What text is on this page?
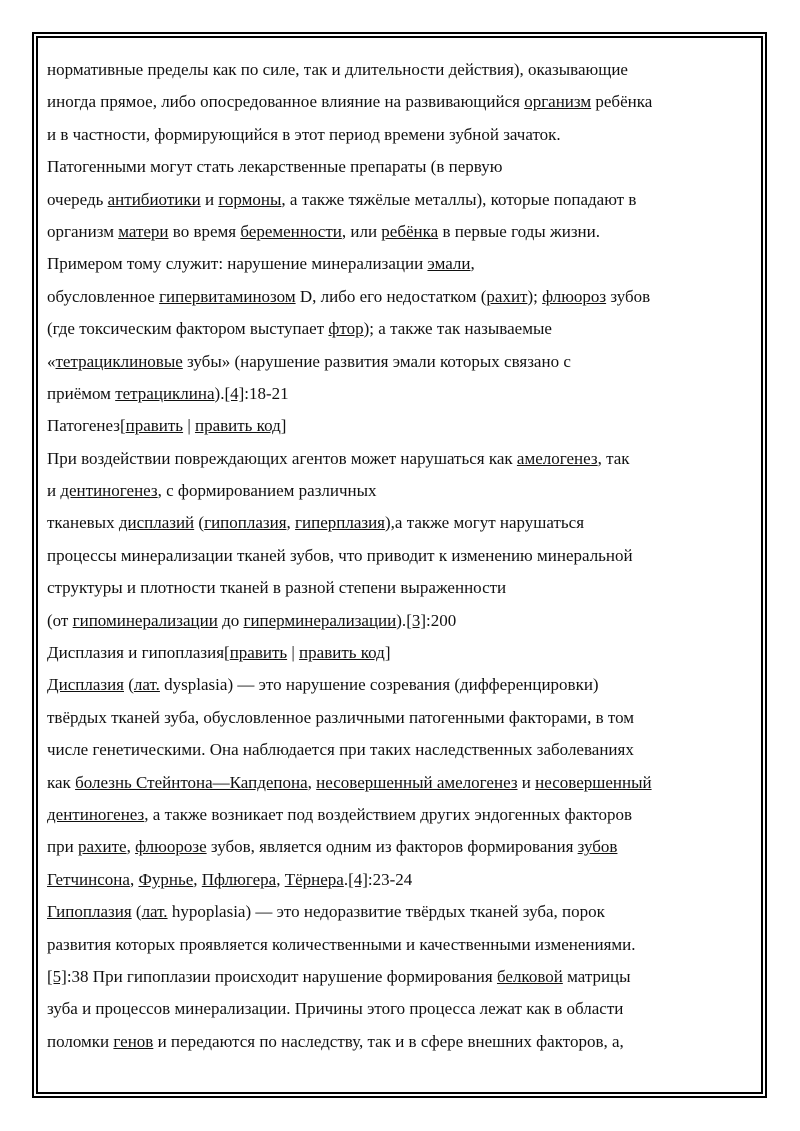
нормативные пределы как по силе, так и длительности действия), оказывающие
иногда прямое, либо опосредованное влияние на развивающийся организм ребёнка
и в частности, формирующийся в этот период времени зубной зачаток.
Патогенными могут стать лекарственные препараты (в первую
очередь антибиотики и гормоны, а также тяжёлые металлы), которые попадают в
организм матери во время беременности, или ребёнка в первые годы жизни.
Примером тому служит: нарушение минерализации эмали,
обусловленное гипервитаминозом D, либо его недостатком (рахит); флюороз зубов
(где токсическим фактором выступает фтор); а также так называемые
«тетрациклиновые зубы» (нарушение развития эмали которых связано с
приёмом тетрациклина).[4]:18-21
Патогенез[править | править код]
При воздействии повреждающих агентов может нарушаться как амелогенез, так
и дентиногенез, с формированием различных
тканевых дисплазий (гипоплазия, гиперплазия),а также могут нарушаться
процессы минерализации тканей зубов, что приводит к изменению минеральной
структуры и плотности тканей в разной степени выраженности
(от гипоминерализации до гиперминерализации).[3]:200
Дисплазия и гипоплазия[править | править код]
Дисплазия (лат. dysplasia) — это нарушение созревания (дифференцировки)
твёрдых тканей зуба, обусловленное различными патогенными факторами, в том
числе генетическими. Она наблюдается при таких наследственных заболеваниях
как болезнь Стейнтона—Капдепона, несовершенный амелогенез и несовершенный
дентиногенез, а также возникает под воздействием других эндогенных факторов
при рахите, флюорозе зубов, является одним из факторов формирования зубов
Гетчинсона, Фурнье, Пфлюгера, Тёрнера.[4]:23-24
Гипоплазия (лат. hypoplasia) — это недоразвитие твёрдых тканей зуба, порок
развития которых проявляется количественными и качественными изменениями.
[5]:38 При гипоплазии происходит нарушение формирования белковой матрицы
зуба и процессов минерализации. Причины этого процесса лежат как в области
поломки генов и передаются по наследству, так и в сфере внешних факторов, а,
